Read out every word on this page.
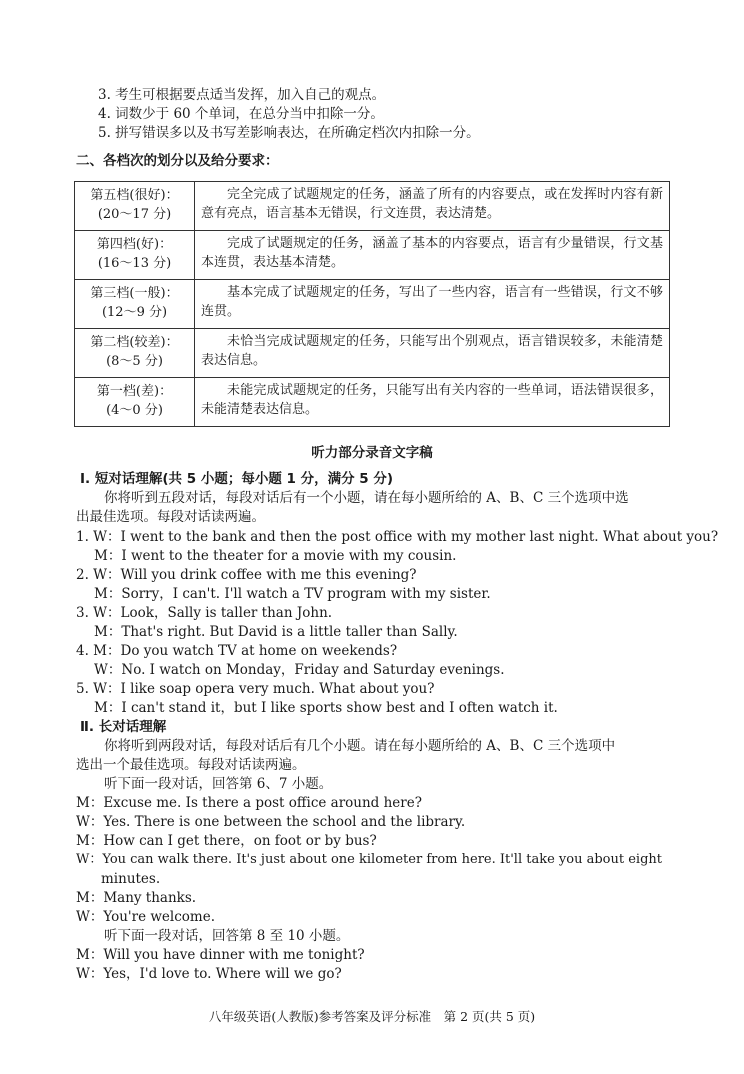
3. 考生可根据要点适当发挥，加入自己的观点。
4. 词数少于 60 个单词，在总分当中扣除一分。
5. 拼写错误多以及书写差影响表达，在所确定档次内扣除一分。
二、各档次的划分以及给分要求：
第五档(很好)：
(20～17 分)	完全完成了试题规定的任务，涵盖了所有的内容要点，或在发挥时内容有新意有亮点，语言基本无错误，行文连贯，表达清楚。
第四档(好)：
(16～13 分)	完成了试题规定的任务，涵盖了基本的内容要点，语言有少量错误，行文基本连贯，表达基本清楚。
第三档(一般)：
(12～9 分)	基本完成了试题规定的任务，写出了一些内容，语言有一些错误，行文不够连贯。
第二档(较差)：
(8～5 分)	未恰当完成试题规定的任务，只能写出个别观点，语言错误较多，未能清楚表达信息。
第一档(差)：
(4～0 分)	未能完成试题规定的任务，只能写出有关内容的一些单词，语法错误很多，未能清楚表达信息。
听力部分录音文字稿
Ⅰ. 短对话理解(共 5 小题；每小题 1 分，满分 5 分)
你将听到五段对话，每段对话后有一个小题，请在每小题所给的 A、B、C 三个选项中选
出最佳选项。每段对话读两遍。
1. W：I went to the bank and then the post office with my mother last night. What about you?
M：I went to the theater for a movie with my cousin.
2. W：Will you drink coffee with me this evening?
M：Sorry，I can't. I'll watch a TV program with my sister.
3. W：Look，Sally is taller than John.
M：That's right. But David is a little taller than Sally.
4. M：Do you watch TV at home on weekends?
W：No. I watch on Monday，Friday and Saturday evenings.
5. W：I like soap opera very much. What about you?
M：I can't stand it，but I like sports show best and I often watch it.
Ⅱ. 长对话理解
你将听到两段对话，每段对话后有几个小题。请在每小题所给的 A、B、C 三个选项中
选出一个最佳选项。每段对话读两遍。
听下面一段对话，回答第 6、7 小题。
M：Excuse me. Is there a post office around here?
W：Yes. There is one between the school and the library.
M：How can I get there，on foot or by bus?
W：You can walk there. It's just about one kilometer from here. It'll take you about eight
minutes.
M：Many thanks.
W：You're welcome.
听下面一段对话，回答第 8 至 10 小题。
M：Will you have dinner with me tonight?
W：Yes，I'd love to. Where will we go?
八年级英语(人教版)参考答案及评分标准　第 2 页(共 5 页)
